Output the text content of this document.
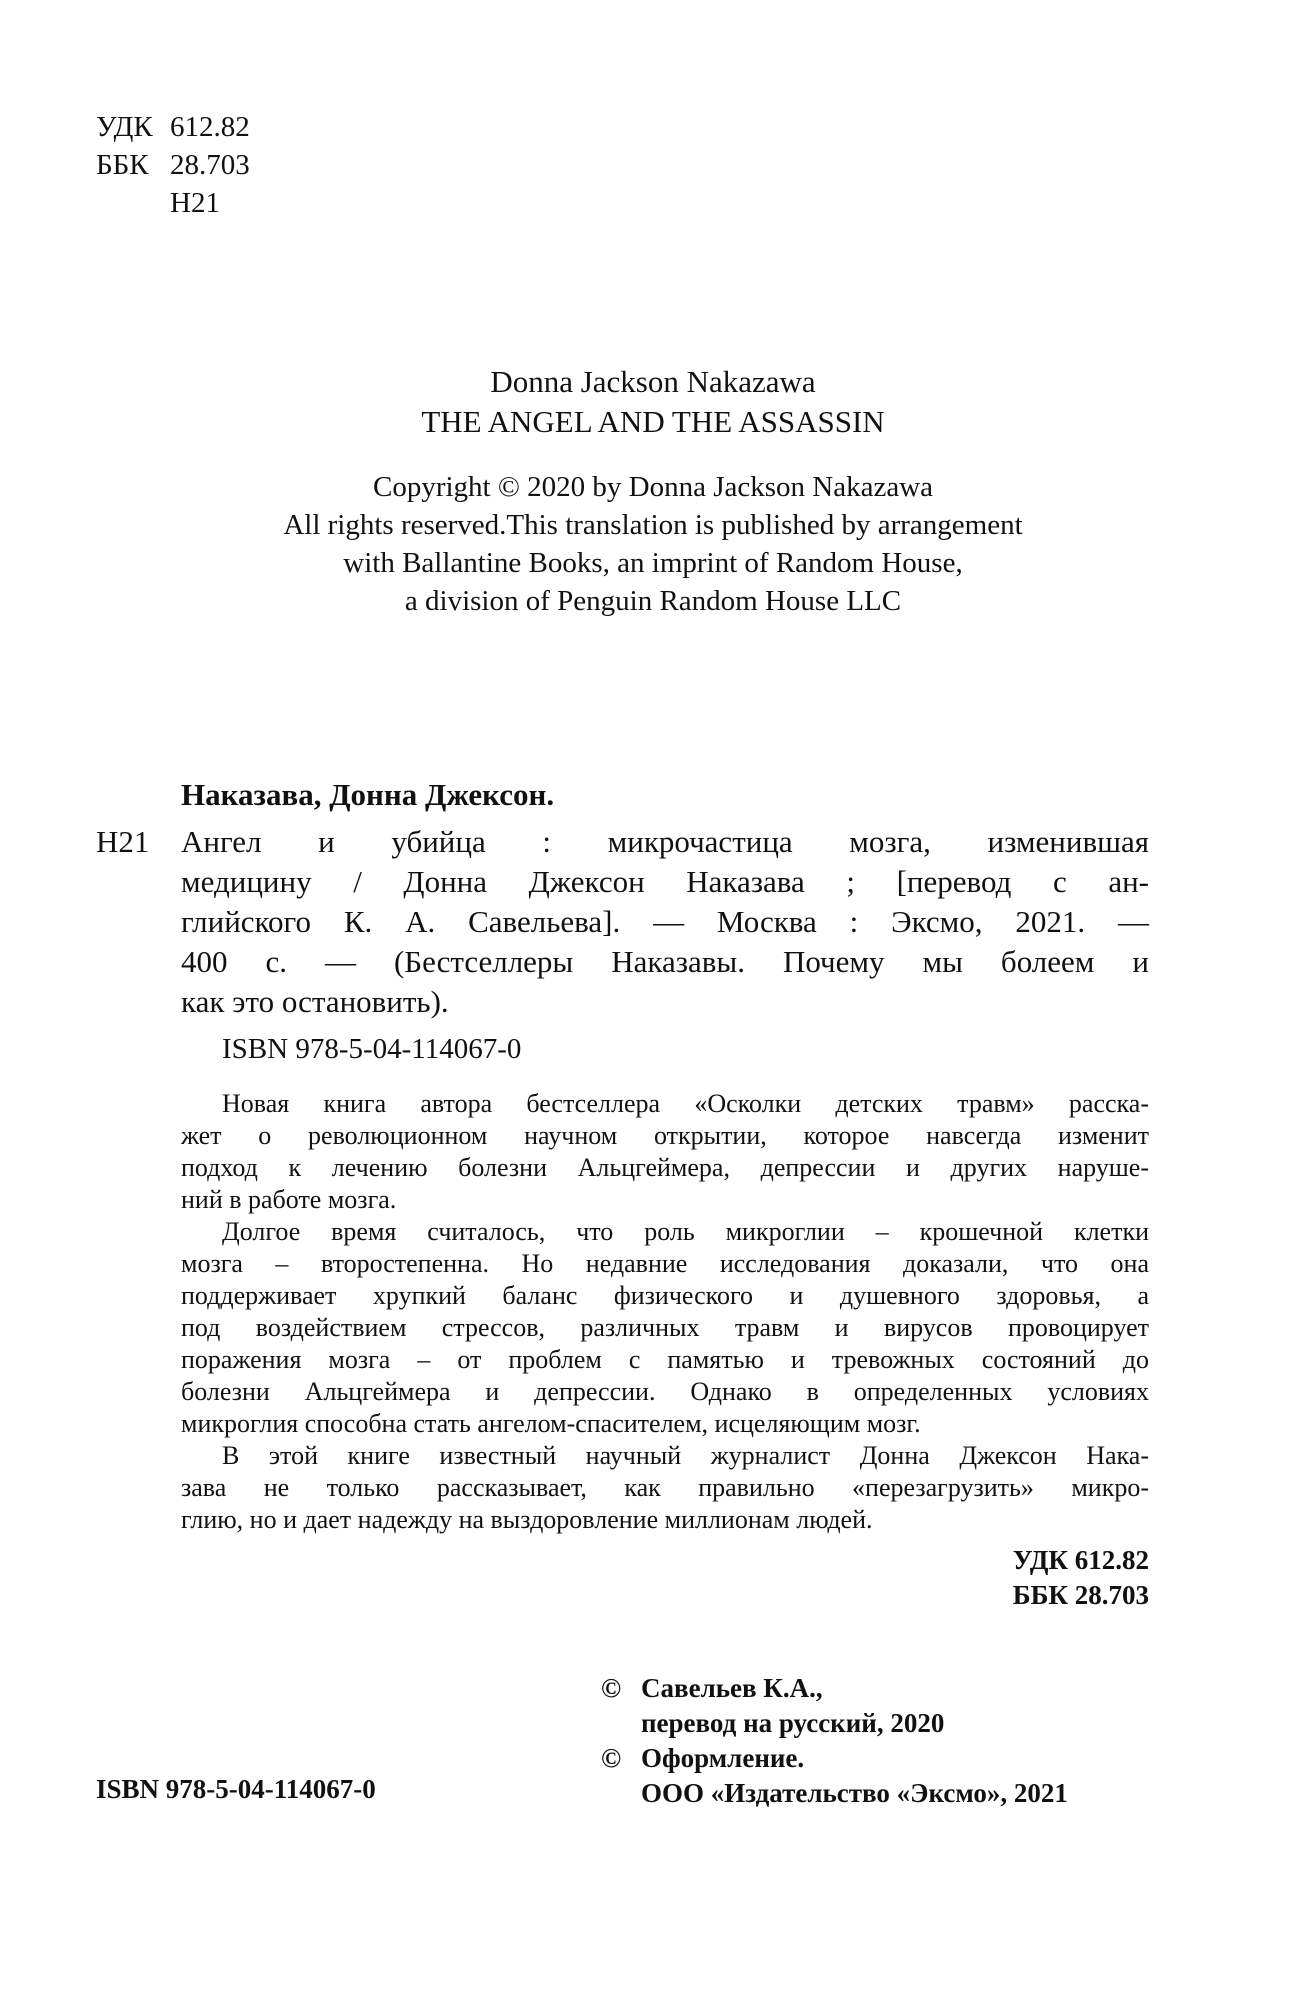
УДК 612.82
ББК 28.703
Н21
Donna Jackson Nakazawa
THE ANGEL AND THE ASSASSIN
Copyright © 2020 by Donna Jackson Nakazawa
All rights reserved.This translation is published by arrangement
with Ballantine Books, an imprint of Random House,
a division of Penguin Random House LLC
Наказава, Донна Джексон.
Н21 Ангел и убийца : микрочастица мозга, изменившая
медицину / Донна Джексон Наказава ; [перевод с ан-
глийского К. А. Савельева]. — Москва : Эксмо, 2021. —
400 с. — (Бестселлеры Наказавы. Почему мы болеем и
как это остановить).
ISBN 978-5-04-114067-0
Новая книга автора бестселлера «Осколки детских травм» расска-
жет о революционном научном открытии, которое навсегда изменит
подход к лечению болезни Альцгеймера, депрессии и других наруше-
ний в работе мозга.
Долгое время считалось, что роль микроглии – крошечной клетки
мозга – второстепенна. Но недавние исследования доказали, что она
поддерживает хрупкий баланс физического и душевного здоровья, а
под воздействием стрессов, различных травм и вирусов провоцирует
поражения мозга – от проблем с памятью и тревожных состояний до
болезни Альцгеймера и депрессии. Однако в определенных условиях
микроглия способна стать ангелом-спасителем, исцеляющим мозг.
В этой книге известный научный журналист Донна Джексон Нака-
зава не только рассказывает, как правильно «перезагрузить» микро-
глию, но и дает надежду на выздоровление миллионам людей.
УДК 612.82
ББК 28.703
© Савельев К.А.,
перевод на русский, 2020
© Оформление.
ООО «Издательство «Эксмо», 2021
ISBN 978-5-04-114067-0
